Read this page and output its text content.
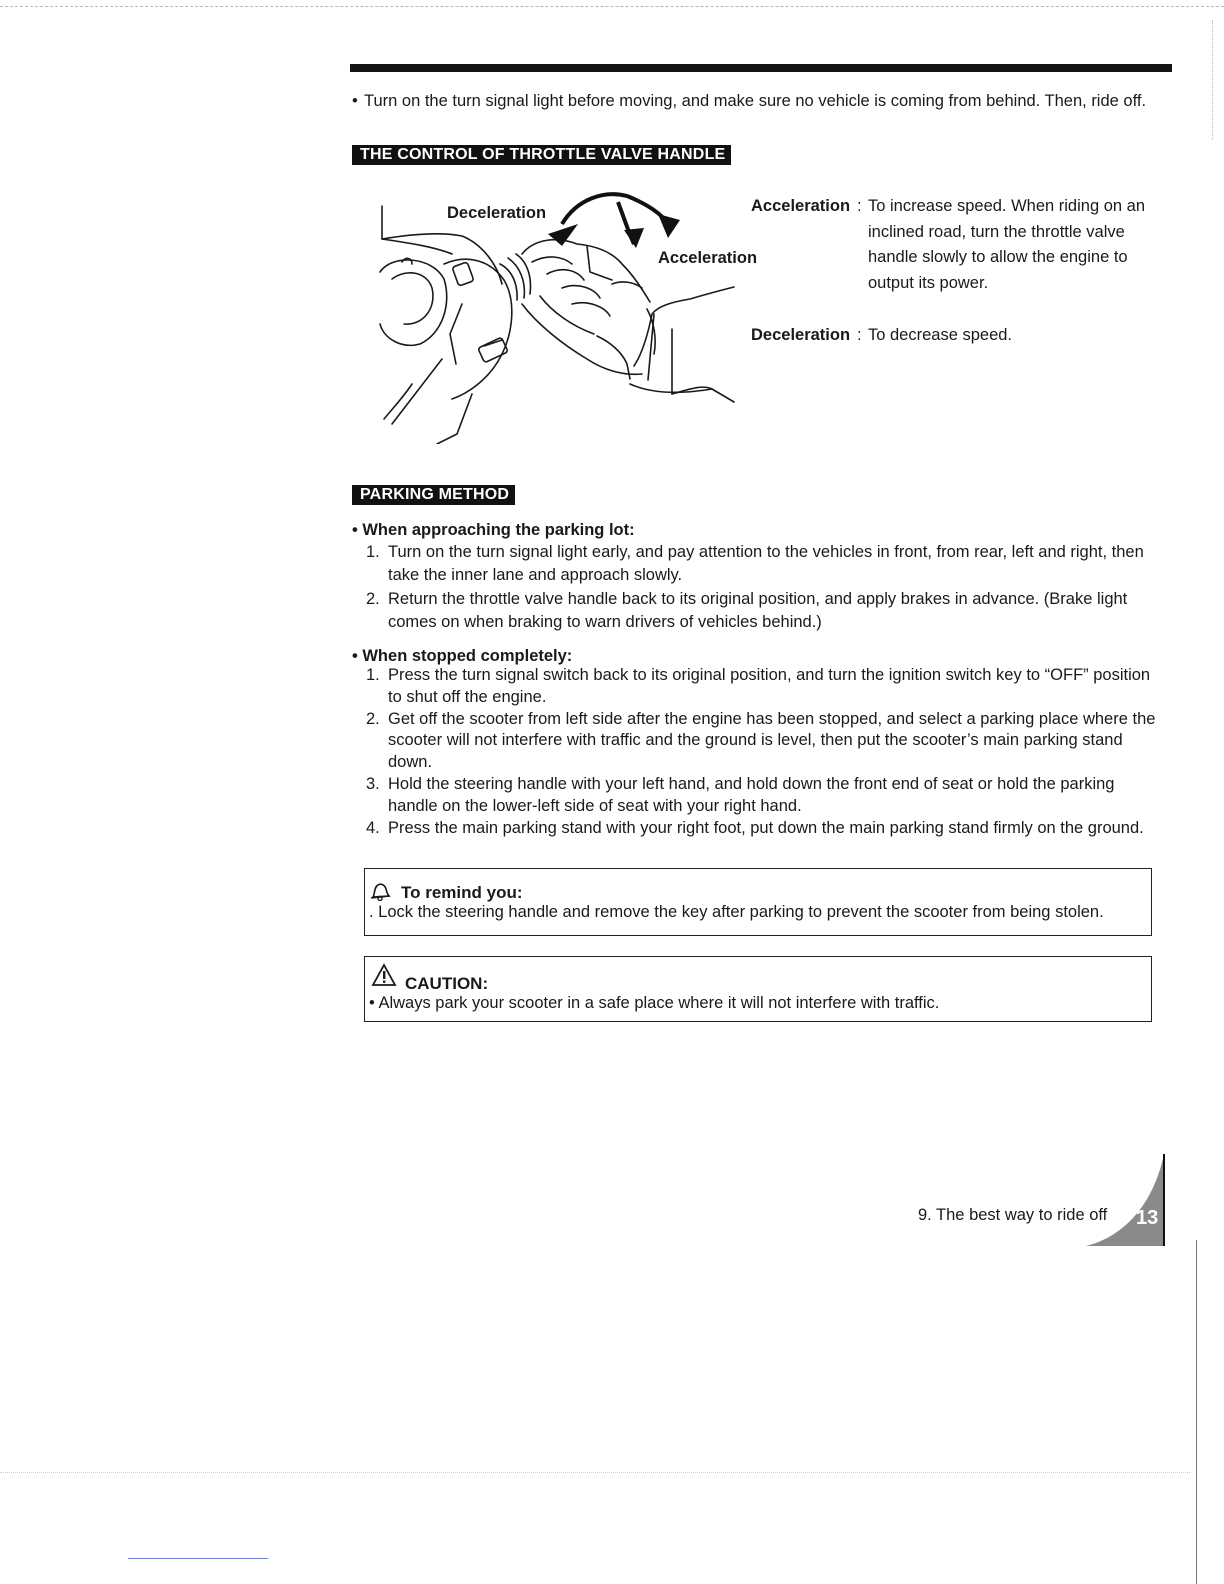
• Turn on the turn signal light before moving, and make sure no vehicle is coming from behind. Then, ride off.
THE CONTROL OF THROTTLE VALVE HANDLE
Deceleration
Acceleration
Acceleration : To increase speed. When riding on an inclined road, turn the throttle valve handle slowly to allow the engine to output its power.
Deceleration : To decrease speed.
PARKING METHOD
• When approaching the parking lot:
1. Turn on the turn signal light early, and pay attention to the vehicles in front, from rear, left and right, then take the inner lane and approach slowly.
2. Return the throttle valve handle back to its original position, and apply brakes in advance. (Brake light comes on when braking to warn drivers of vehicles behind.)
• When stopped completely:
1. Press the turn signal switch back to its original position, and turn the ignition switch key to “OFF” position to shut off the engine.
2. Get off the scooter from left side after the engine has been stopped, and select a parking place where the scooter will not interfere with traffic and the ground is level, then put the scooter’s main parking stand down.
3. Hold the steering handle with your left hand, and hold down the front end of seat or hold the parking handle on the lower-left side of seat with your right hand.
4. Press the main parking stand with your right foot, put down the main parking stand firmly on the ground.
To remind you:
. Lock the steering handle and remove the key after parking to prevent the scooter from being stolen.
CAUTION:
• Always park your scooter in a safe place where it will not interfere with traffic.
9. The best way to ride off 13
